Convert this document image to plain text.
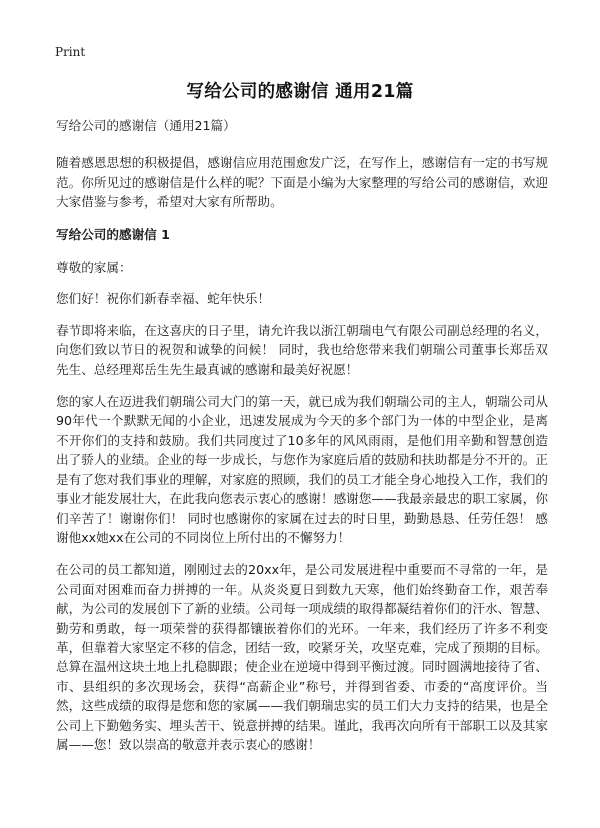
Print
写给公司的感谢信 通用21篇

写给公司的感谢信（通用21篇）

随着感恩思想的积极提倡，感谢信应用范围愈发广泛，在写作上，感谢信有一定的书写规范。你所见过的感谢信是什么样的呢？下面是小编为大家整理的写给公司的感谢信，欢迎大家借鉴与参考，希望对大家有所帮助。

写给公司的感谢信 1

尊敬的家属：

您们好！祝你们新春幸福、蛇年快乐！

春节即将来临，在这喜庆的日子里，请允许我以浙江朝瑞电气有限公司副总经理的名义，向您们致以节日的祝贺和诚挚的问候！ 同时，我也给您带来我们朝瑞公司董事长郑岳双先生、总经理郑岳生先生最真诚的感谢和最美好祝愿！

您的家人在迈进我们朝瑞公司大门的第一天，就已成为我们朝瑞公司的主人，朝瑞公司从90年代一个默默无闻的小企业，迅速发展成为今天的多个部门为一体的中型企业，是离不开你们的支持和鼓励。我们共同度过了10多年的风风雨雨，是他们用辛勤和智慧创造出了骄人的业绩。企业的每一步成长，与您作为家庭后盾的鼓励和扶助都是分不开的。正是有了您对我们事业的理解，对家庭的照顾，我们的员工才能全身心地投入工作，我们的事业才能发展壮大，在此我向您表示衷心的感谢！感谢您——我最亲最忠的职工家属，你们辛苦了！谢谢你们！ 同时也感谢你的家属在过去的时日里，勤勤恳恳、任劳任怨！ 感谢他xx她xx在公司的不同岗位上所付出的不懈努力！

在公司的员工都知道，刚刚过去的20xx年，是公司发展进程中重要而不寻常的一年，是公司面对困难而奋力拼搏的一年。从炎炎夏日到数九天寒，他们始终勤奋工作，艰苦奉献，为公司的发展创下了新的业绩。公司每一项成绩的取得都凝结着你们的汗水、智慧、勤劳和勇敢，每一项荣誉的获得都镶嵌着你们的光环。一年来，我们经历了许多不利变革，但靠着大家坚定不移的信念，团结一致，咬紧牙关，攻坚克难，完成了预期的目标。总算在温州这块土地上扎稳脚跟；使企业在逆境中得到平衡过渡。同时圆满地接待了省、市、县组织的多次现场会，获得“高薪企业”称号，并得到省委、市委的“高度评价。当然，这些成绩的取得是您和您的家属——我们朝瑞忠实的员工们大力支持的结果，也是全公司上下勤勉务实、埋头苦干、锐意拼搏的结果。谨此，我再次向所有干部职工以及其家属——您！致以崇高的敬意并表示衷心的感谢！
